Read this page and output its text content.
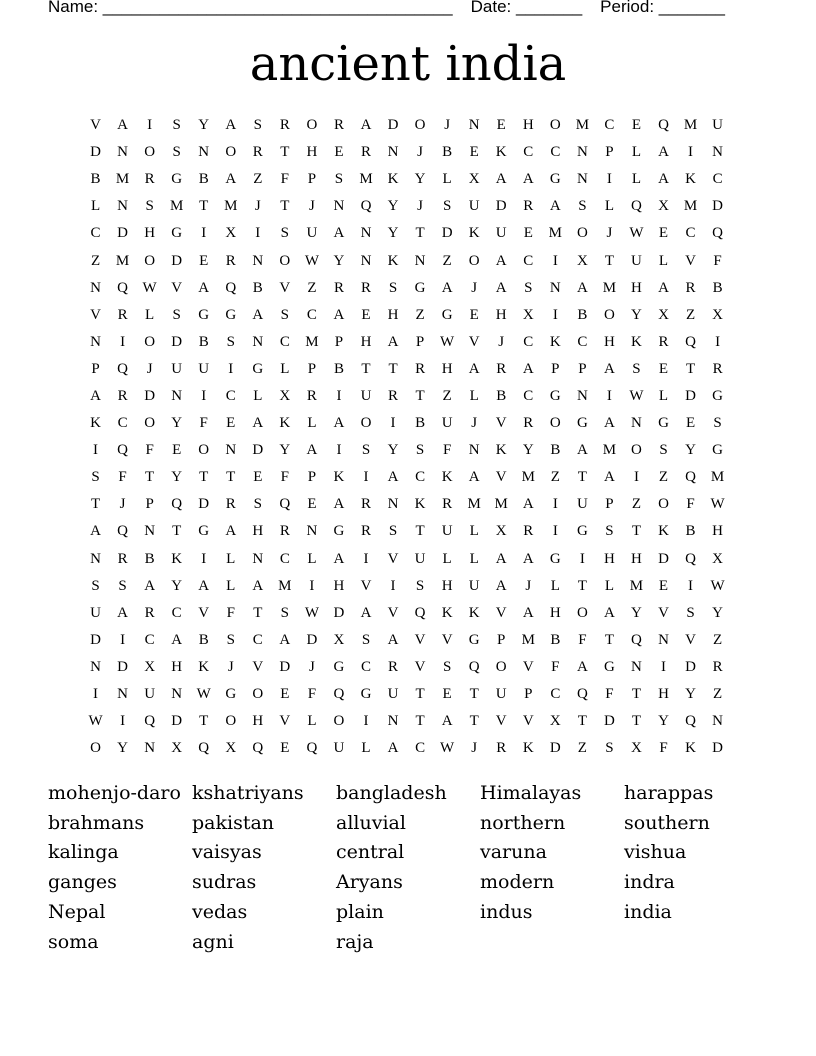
Name: _____________________________________ Date: _______ Period: _______
ancient india
V	A	I	S	Y	A	S	R	O	R	A	D	O	J	N	E	H	O M	C	E	Q M U
D	N	O	S	N	O	R	T	H	E	R	N	J	B	E	K	C	C	N	P	L	A	I	N
B	M	R	G	B	A	Z	F	P	S	M K	Y	L	X	A	A	G	N	I	L	A	K	C
L	N	S	M	T	M	J	T	J	N	Q	Y	J	S	U	D	R	A	S	L	Q	X M D
C	D	H	G	I	X	I	S	U	A	N	Y	T	D	K	U	E	M O	J	W	E	C	Q
Z	M O	D	E	R	N	O W Y	N	K	N	Z	O	A	C	I	X	T	U	L	V	F
N	Q W V	A	Q	B	V	Z	R	R	S	G	A	J	A	S	N	A M H	A	R	B
V	R	L	S	G	G	A	S	C	A	E	H	Z	G	E	H	X	I	B	O	Y	X	Z	X
N	I	O	D	B	S	N	C	M	P	H	A	P	W V	J	C	K	C	H	K	R	Q	I
P	Q	J	U	U	I	G	L	P	B	T	T	R	H	A	R	A	P	P	A	S	E	T	R
A	R	D	N	I	C	L	X	R	I	U	R	T	Z	L	B	C	G	N	I	W	L	D	G
K	C	O	Y	F	E	A	K	L	A	O	I	B	U	J	V	R	O	G	A	N	G	E	S
I	Q	F	E	O	N	D	Y	A	I	S	Y	S	F	N	K	Y	B	A M O	S	Y	G
S	F	T	Y	T	T	E	F	P	K	I	A	C	K	A	V M	Z	T	A	I	Z	Q M
T	J	P	Q	D	R	S	Q	E	A	R	N	K	R	M M A	I	U	P	Z	O	F	W
A	Q	N	T	G	A	H	R	N	G	R	S	T	U	L	X	R	I	G	S	T	K	B	H
N	R	B	K	I	L	N	C	L	A	I	V	U	L	L	A	A	G	I	H	H	D	Q	X
S	S	A	Y	A	L	A M	I	H	V	I	S	H	U	A	J	L	T	L	M	E	I	W
U	A	R	C	V	F	T	S	W D	A	V	Q	K	K	V	A	H	O	A	Y	V	S	Y
D	I	C	A	B	S	C	A	D	X	S	A	V	V	G	P	M	B	F	T	Q	N	V	Z
N	D	X	H	K	J	V	D	J	G	C	R	V	S	Q	O	V	F	A	G	N	I	D	R
I	N	U	N W G	O	E	F	Q	G	U	T	E	T	U	P	C	Q	F	T	H	Y	Z
W	I	Q	D	T	O	H	V	L	O	I	N	T	A	T	V	V	X	T	D	T	Y	Q	N
O	Y	N	X	Q	X	Q	E	Q	U	L	A	C W	J	R	K	D	Z	S	X	F	K	D
mohenjo-daro kshatriyans	bangladesh	Himalayas	harappas
brahmans	pakistan	alluvial	northern	southern
kalinga	vaisyas	central	varuna	vishua
ganges	sudras	Aryans	modern	indra
Nepal	vedas	plain	indus	india
soma	agni	raja
